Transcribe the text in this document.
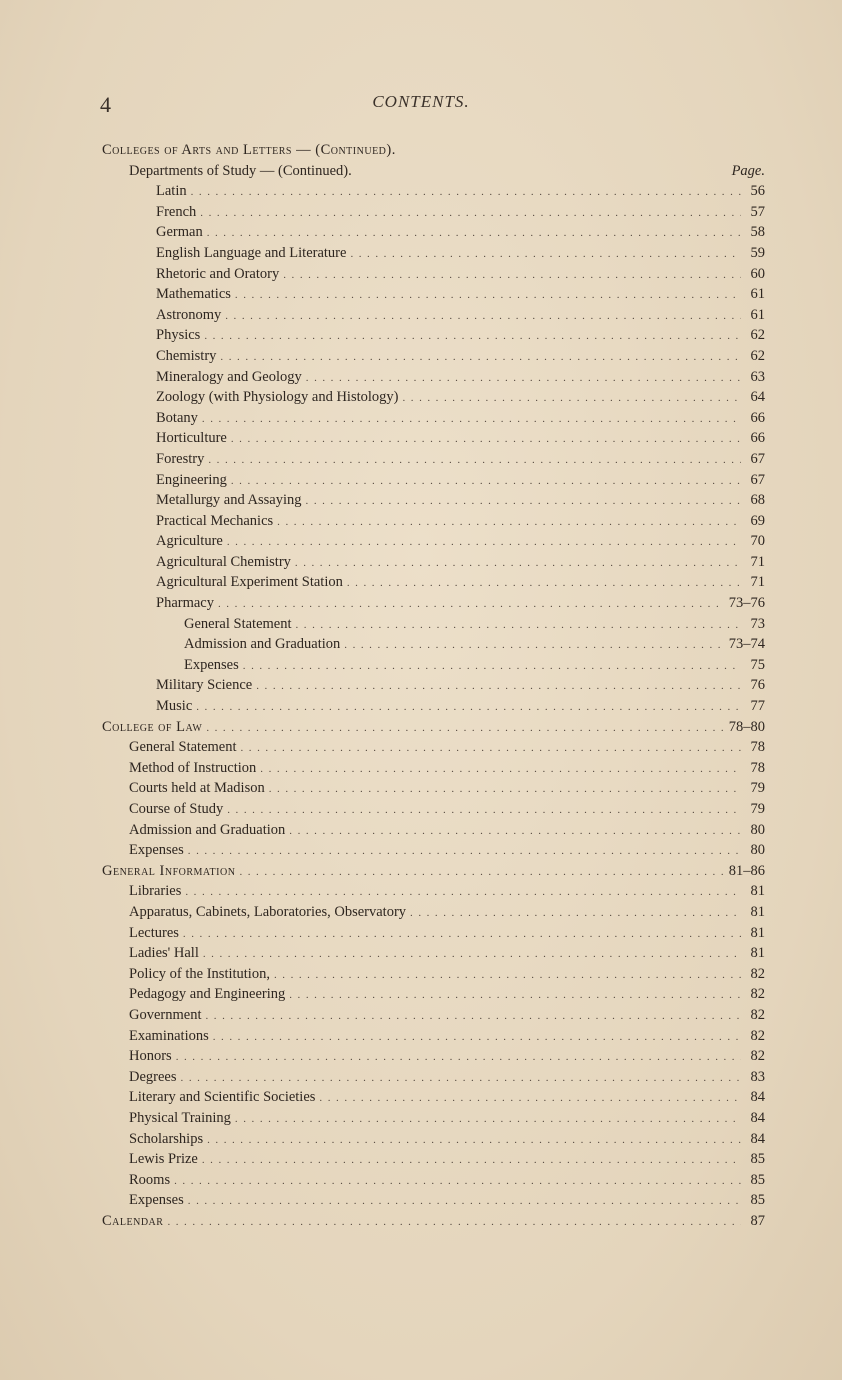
4	CONTENTS.
Colleges of Arts and Letters — (Continued).
Departments of Study — (Continued).	Page.
Latin . . .	56
French . . .	57
German . . .	58
English Language and Literature . . .	59
Rhetoric and Oratory . . .	60
Mathematics . . .	61
Astronomy . . .	61
Physics . . .	62
Chemistry . . .	62
Mineralogy and Geology . . .	63
Zoology (with Physiology and Histology) . . .	64
Botany . . .	66
Horticulture . . .	66
Forestry . . .	67
Engineering . . .	67
Metallurgy and Assaying . . .	68
Practical Mechanics . . .	69
Agriculture . . .	70
Agricultural Chemistry . . .	71
Agricultural Experiment Station . . .	71
Pharmacy . . .	73–76
General Statement . . .	73
Admission and Graduation . . .	73–74
Expenses . . .	75
Military Science . . .	76
Music . . .	77
College of Law . . .	78–80
General Statement . . .	78
Method of Instruction . . .	78
Courts held at Madison . . .	79
Course of Study . . .	79
Admission and Graduation . . .	80
Expenses . . .	80
General Information . . .	81–86
Libraries . . .	81
Apparatus, Cabinets, Laboratories, Observatory . . .	81
Lectures . . .	81
Ladies' Hall . . .	81
Policy of the Institution, . . .	82
Pedagogy and Engineering . . .	82
Government . . .	82
Examinations . . .	82
Honors . . .	82
Degrees . . .	83
Literary and Scientific Societies . . .	84
Physical Training . . .	84
Scholarships . . .	84
Lewis Prize . . .	85
Rooms . . .	85
Expenses . . .	85
Calendar . . .	87
